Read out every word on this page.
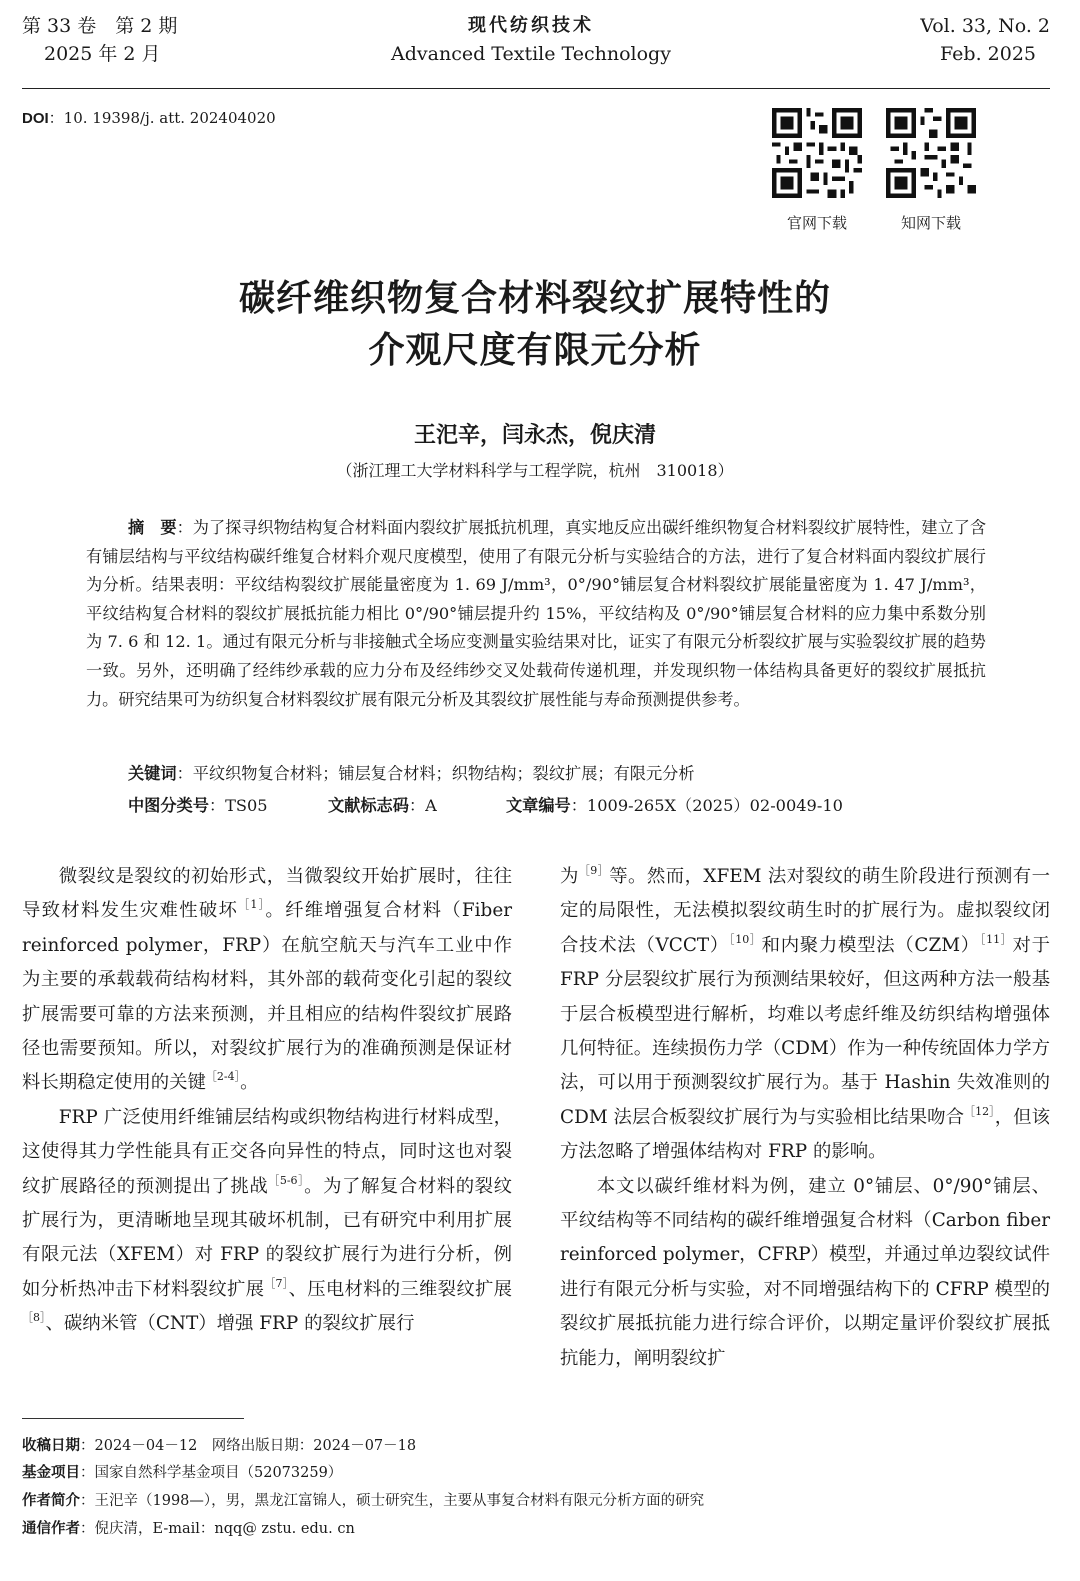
第 33 卷　第 2 期
2025 年 2 月
现代纺织技术
Advanced Textile Technology
Vol. 33, No. 2
Feb. 2025
DOI：10. 19398/j. att. 202404020
官网下载	知网下载
碳纤维织物复合材料裂纹扩展特性的
介观尺度有限元分析
王汜辛，闫永杰，倪庆清
（浙江理工大学材料科学与工程学院，杭州　310018）
摘　要：为了探寻织物结构复合材料面内裂纹扩展抵抗机理，真实地反应出碳纤维织物复合材料裂纹扩展特性，建立了含有铺层结构与平纹结构碳纤维复合材料介观尺度模型，使用了有限元分析与实验结合的方法，进行了复合材料面内裂纹扩展行为分析。结果表明：平纹结构裂纹扩展能量密度为 1. 69 J/mm³，0°/90°铺层复合材料裂纹扩展能量密度为 1. 47 J/mm³，平纹结构复合材料的裂纹扩展抵抗能力相比 0°/90°铺层提升约 15%，平纹结构及 0°/90°铺层复合材料的应力集中系数分别为 7. 6 和 12. 1。通过有限元分析与非接触式全场应变测量实验结果对比，证实了有限元分析裂纹扩展与实验裂纹扩展的趋势一致。另外，还明确了经纬纱承载的应力分布及经纬纱交叉处载荷传递机理，并发现织物一体结构具备更好的裂纹扩展抵抗力。研究结果可为纺织复合材料裂纹扩展有限元分析及其裂纹扩展性能与寿命预测提供参考。
关键词：平纹织物复合材料；铺层复合材料；织物结构；裂纹扩展；有限元分析
中图分类号：TS05	文献标志码：A	文章编号：1009-265X（2025）02-0049-10

微裂纹是裂纹的初始形式，当微裂纹开始扩展时，往往导致材料发生灾难性破坏$^{[1]}$。纤维增强复合材料（Fiber reinforced polymer，FRP）在航空航天与汽车工业中作为主要的承载载荷结构材料，其外部的载荷变化引起的裂纹扩展需要可靠的方法来预测，并且相应的结构件裂纹扩展路径也需要预知。所以，对裂纹扩展行为的准确预测是保证材料长期稳定使用的关键$^{[2-4]}$。

FRP 广泛使用纤维铺层结构或织物结构进行材料成型，这使得其力学性能具有正交各向异性的特点，同时这也对裂纹扩展路径的预测提出了挑战$^{[5-6]}$。为了解复合材料的裂纹扩展行为，更清晰地呈现其破坏机制，已有研究中利用扩展有限元法（XFEM）对 FRP 的裂纹扩展行为进行分析，例如分析热冲击下材料裂纹扩展$^{[7]}$、压电材料的三维裂纹扩展$^{[8]}$、碳纳米管（CNT）增强 FRP 的裂纹扩展行

为$^{[9]}$等。然而，XFEM 法对裂纹的萌生阶段进行预测有一定的局限性，无法模拟裂纹萌生时的扩展行为。虚拟裂纹闭合技术法（VCCT）$^{[10]}$和内聚力模型法（CZM）$^{[11]}$对于 FRP 分层裂纹扩展行为预测结果较好，但这两种方法一般基于层合板模型进行解析，均难以考虑纤维及纺织结构增强体几何特征。连续损伤力学（CDM）作为一种传统固体力学方法，可以用于预测裂纹扩展行为。基于 Hashin 失效准则的 CDM 法层合板裂纹扩展行为与实验相比结果吻合$^{[12]}$，但该方法忽略了增强体结构对 FRP 的影响。

本文以碳纤维材料为例，建立 0°铺层、0°/90°铺层、平纹结构等不同结构的碳纤维增强复合材料（Carbon fiber reinforced polymer，CFRP）模型，并通过单边裂纹试件进行有限元分析与实验，对不同增强结构下的 CFRP 模型的裂纹扩展抵抗能力进行综合评价，以期定量评价裂纹扩展抵抗能力，阐明裂纹扩

收稿日期：2024－04－12　网络出版日期：2024－07－18
基金项目：国家自然科学基金项目（52073259）
作者简介：王汜辛（1998—），男，黑龙江富锦人，硕士研究生，主要从事复合材料有限元分析方面的研究
通信作者：倪庆清，E-mail：nqq@ zstu. edu. cn
